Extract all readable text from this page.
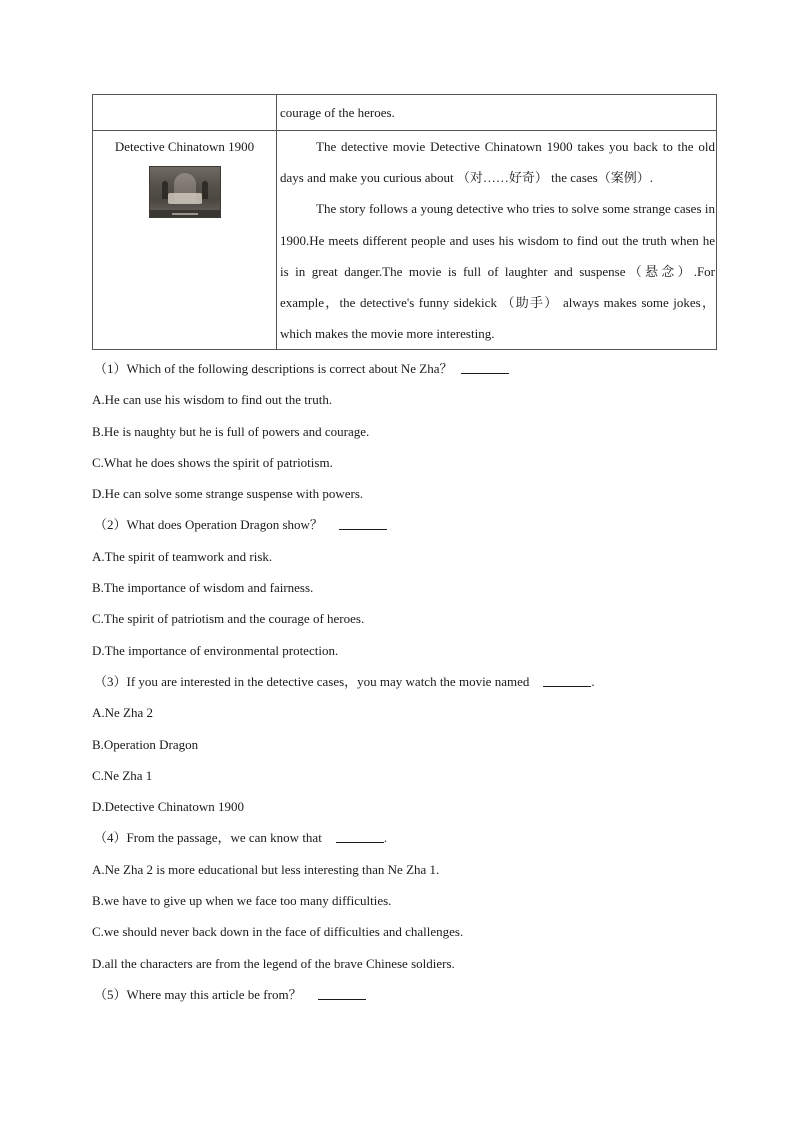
	courage of the heroes.

Detective Chinatown 1900	The detective movie Detective Chinatown 1900 takes you back to the old days and make you curious about （对……好奇） the cases（案例）.

The story follows a young detective who tries to solve some strange cases in 1900.He meets different people and uses his wisdom to find out the truth when he is in great danger.The movie is full of laughter and suspense（悬念）.For example，the detective's funny sidekick （助手） always makes some jokes，which makes the movie more interesting.

（1）Which of the following descriptions is correct about Ne Zha？
A.He can use his wisdom to find out the truth.
B.He is naughty but he is full of powers and courage.
C.What he does shows the spirit of patriotism.
D.He can solve some strange suspense with powers.
（2）What does Operation Dragon show？
A.The spirit of teamwork and risk.
B.The importance of wisdom and fairness.
C.The spirit of patriotism and the courage of heroes.
D.The importance of environmental protection.
（3）If you are interested in the detective cases，you may watch the movie named	.
A.Ne Zha 2
B.Operation Dragon
C.Ne Zha 1
D.Detective Chinatown 1900
（4）From the passage，we can know that	.
A.Ne Zha 2 is more educational but less interesting than Ne Zha 1.
B.we have to give up when we face too many difficulties.
C.we should never back down in the face of difficulties and challenges.
D.all the characters are from the legend of the brave Chinese soldiers.
（5）Where may this article be from？
